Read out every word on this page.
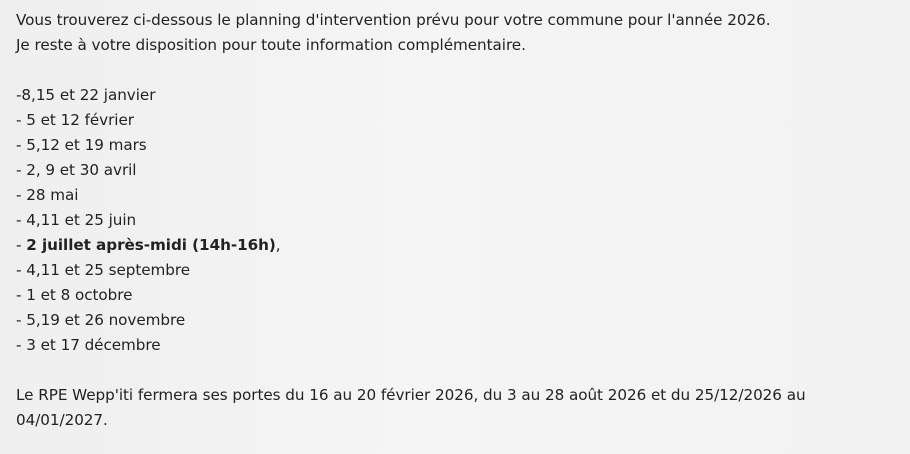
Vous trouverez ci-dessous le planning d'intervention prévu pour votre commune pour l'année 2026.
Je reste à votre disposition pour toute information complémentaire.
-8,15 et 22 janvier
- 5 et 12 février
- 5,12 et 19 mars
- 2, 9 et 30 avril
- 28 mai
- 4,11 et 25 juin
- 2 juillet après-midi (14h-16h),
- 4,11 et 25 septembre
- 1 et 8 octobre
- 5,19 et 26 novembre
- 3 et 17 décembre
Le RPE Wepp'iti fermera ses portes du 16 au 20 février 2026, du 3 au 28 août 2026 et du 25/12/2026 au
04/01/2027.
